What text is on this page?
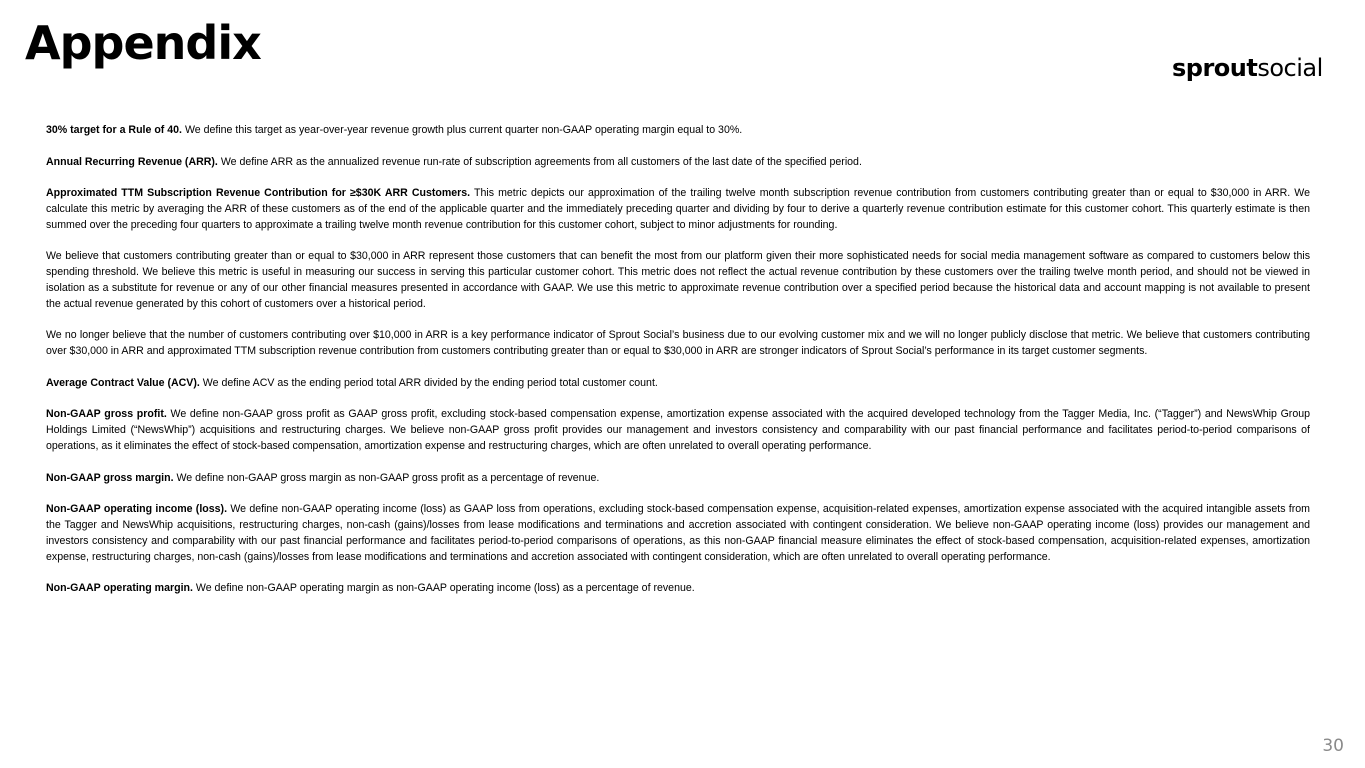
Appendix	sproutsocial

30% target for a Rule of 40. We define this target as year-over-year revenue growth plus current quarter non-GAAP operating margin equal to 30%.

Annual Recurring Revenue (ARR). We define ARR as the annualized revenue run-rate of subscription agreements from all customers of the last date of the specified period.

Approximated TTM Subscription Revenue Contribution for ≥$30K ARR Customers. This metric depicts our approximation of the trailing twelve month subscription revenue contribution from customers contributing greater than or equal to $30,000 in ARR. We calculate this metric by averaging the ARR of these customers as of the end of the applicable quarter and the immediately preceding quarter and dividing by four to derive a quarterly revenue contribution estimate for this customer cohort. This quarterly estimate is then summed over the preceding four quarters to approximate a trailing twelve month revenue contribution for this customer cohort, subject to minor adjustments for rounding.

We believe that customers contributing greater than or equal to $30,000 in ARR represent those customers that can benefit the most from our platform given their more sophisticated needs for social media management software as compared to customers below this spending threshold. We believe this metric is useful in measuring our success in serving this particular customer cohort. This metric does not reflect the actual revenue contribution by these customers over the trailing twelve month period, and should not be viewed in isolation as a substitute for revenue or any of our other financial measures presented in accordance with GAAP. We use this metric to approximate revenue contribution over a specified period because the historical data and account mapping is not available to present the actual revenue generated by this cohort of customers over a historical period.

We no longer believe that the number of customers contributing over $10,000 in ARR is a key performance indicator of Sprout Social’s business due to our evolving customer mix and we will no longer publicly disclose that metric. We believe that customers contributing over $30,000 in ARR and approximated TTM subscription revenue contribution from customers contributing greater than or equal to $30,000 in ARR are stronger indicators of Sprout Social’s performance in its target customer segments.

Average Contract Value (ACV). We define ACV as the ending period total ARR divided by the ending period total customer count.

Non-GAAP gross profit. We define non-GAAP gross profit as GAAP gross profit, excluding stock-based compensation expense, amortization expense associated with the acquired developed technology from the Tagger Media, Inc. (“Tagger”) and NewsWhip Group Holdings Limited (“NewsWhip”) acquisitions and restructuring charges. We believe non-GAAP gross profit provides our management and investors consistency and comparability with our past financial performance and facilitates period-to-period comparisons of operations, as it eliminates the effect of stock-based compensation, amortization expense and restructuring charges, which are often unrelated to overall operating performance.

Non-GAAP gross margin. We define non-GAAP gross margin as non-GAAP gross profit as a percentage of revenue.

Non-GAAP operating income (loss). We define non-GAAP operating income (loss) as GAAP loss from operations, excluding stock-based compensation expense, acquisition-related expenses, amortization expense associated with the acquired intangible assets from the Tagger and NewsWhip acquisitions, restructuring charges, non-cash (gains)/losses from lease modifications and terminations and accretion associated with contingent consideration. We believe non-GAAP operating income (loss) provides our management and investors consistency and comparability with our past financial performance and facilitates period-to-period comparisons of operations, as this non-GAAP financial measure eliminates the effect of stock-based compensation, acquisition-related expenses, amortization expense, restructuring charges, non-cash (gains)/losses from lease modifications and terminations and accretion associated with contingent consideration, which are often unrelated to overall operating performance.

Non-GAAP operating margin. We define non-GAAP operating margin as non-GAAP operating income (loss) as a percentage of revenue.

30
